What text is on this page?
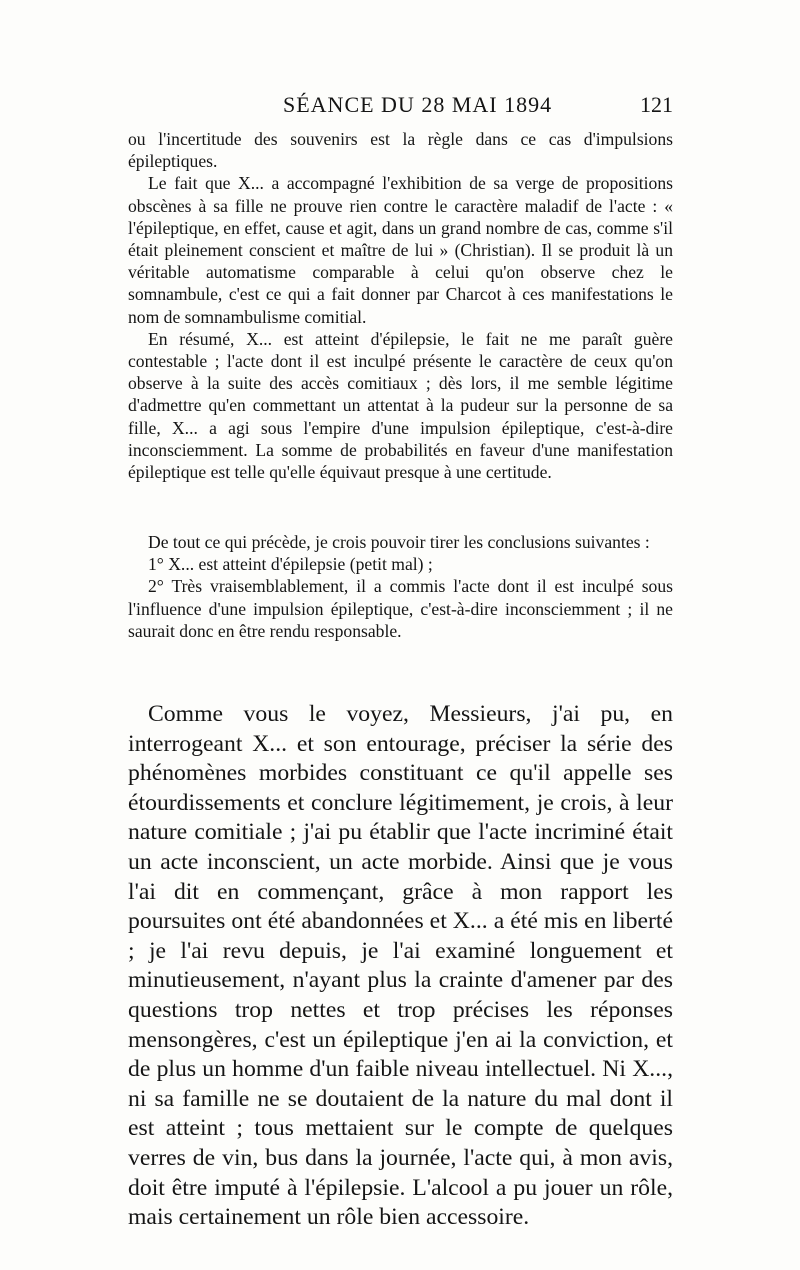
SÉANCE DU 28 MAI 1894	121

ou l'incertitude des souvenirs est la règle dans ce cas d'impulsions épileptiques.

Le fait que X... a accompagné l'exhibition de sa verge de propositions obscènes à sa fille ne prouve rien contre le caractère maladif de l'acte : « l'épileptique, en effet, cause et agit, dans un grand nombre de cas, comme s'il était pleinement conscient et maître de lui » (Christian). Il se produit là un véritable automatisme comparable à celui qu'on observe chez le somnambule, c'est ce qui a fait donner par Charcot à ces manifestations le nom de somnambulisme comitial.

En résumé, X... est atteint d'épilepsie, le fait ne me paraît guère contestable ; l'acte dont il est inculpé présente le caractère de ceux qu'on observe à la suite des accès comitiaux ; dès lors, il me semble légitime d'admettre qu'en commettant un attentat à la pudeur sur la personne de sa fille, X... a agi sous l'empire d'une impulsion épileptique, c'est-à-dire inconsciemment. La somme de probabilités en faveur d'une manifestation épileptique est telle qu'elle équivaut presque à une certitude.

De tout ce qui précède, je crois pouvoir tirer les conclusions suivantes :

1° X... est atteint d'épilepsie (petit mal) ;

2° Très vraisemblablement, il a commis l'acte dont il est inculpé sous l'influence d'une impulsion épileptique, c'est-à-dire inconsciemment ; il ne saurait donc en être rendu responsable.

Comme vous le voyez, Messieurs, j'ai pu, en interrogeant X... et son entourage, préciser la série des phénomènes morbides constituant ce qu'il appelle ses étourdissements et conclure légitimement, je crois, à leur nature comitiale ; j'ai pu établir que l'acte incriminé était un acte inconscient, un acte morbide. Ainsi que je vous l'ai dit en commençant, grâce à mon rapport les poursuites ont été abandonnées et X... a été mis en liberté ; je l'ai revu depuis, je l'ai examiné longuement et minutieusement, n'ayant plus la crainte d'amener par des questions trop nettes et trop précises les réponses mensongères, c'est un épileptique j'en ai la conviction, et de plus un homme d'un faible niveau intellectuel. Ni X..., ni sa famille ne se doutaient de la nature du mal dont il est atteint ; tous mettaient sur le compte de quelques verres de vin, bus dans la journée, l'acte qui, à mon avis, doit être imputé à l'épilepsie. L'alcool a pu jouer un rôle, mais certainement un rôle bien accessoire.
